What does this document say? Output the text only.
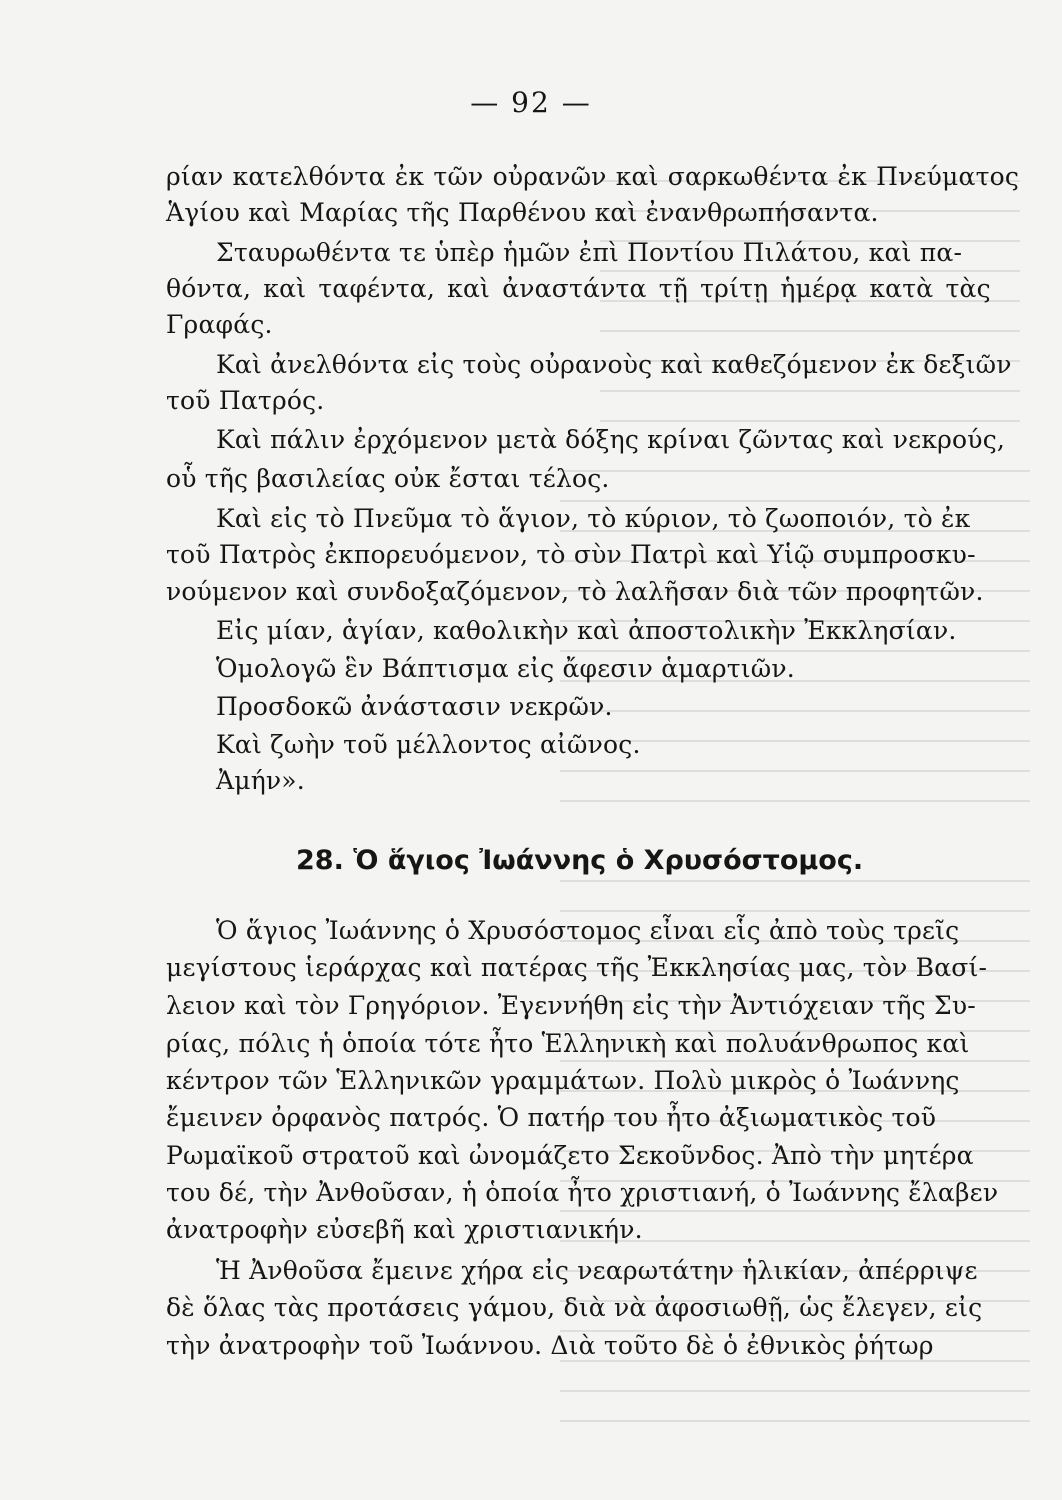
— 92 —
ρίαν κατελθόντα ἐκ τῶν οὐρανῶν καὶ σαρκωθέντα ἐκ Πνεύματος
Ἁγίου καὶ Μαρίας τῆς Παρθένου καὶ ἐνανθρωπήσαντα.
Σταυρωθέντα τε ὑπὲρ ἡμῶν ἐπὶ Ποντίου Πιλάτου, καὶ πα-
θόντα, καὶ ταφέντα, καὶ ἀναστάντα τῇ τρίτῃ ἡμέρᾳ κατὰ τὰς
Γραφάς.
Καὶ ἀνελθόντα εἰς τοὺς οὐρανοὺς καὶ καθεζόμενον ἐκ δεξιῶν
τοῦ Πατρός.
Καὶ πάλιν ἐρχόμενον μετὰ δόξης κρίναι ζῶντας καὶ νεκρούς,
οὗ τῆς βασιλείας οὐκ ἔσται τέλος.
Καὶ εἰς τὸ Πνεῦμα τὸ ἅγιον, τὸ κύριον, τὸ ζωοποιόν, τὸ ἐκ
τοῦ Πατρὸς ἐκπορευόμενον, τὸ σὺν Πατρὶ καὶ Υἱῷ συμπροσκυ-
νούμενον καὶ συνδοξαζόμενον, τὸ λαλῆσαν διὰ τῶν προφητῶν.
Εἰς μίαν, ἁγίαν, καθολικὴν καὶ ἀποστολικὴν Ἐκκλησίαν.
Ὁμολογῶ ἓν Βάπτισμα εἰς ἄφεσιν ἁμαρτιῶν.
Προσδοκῶ ἀνάστασιν νεκρῶν.
Καὶ ζωὴν τοῦ μέλλοντος αἰῶνος.
Ἀμήν».
28. Ὁ ἅγιος Ἰωάννης ὁ Χρυσόστομος.
Ὁ ἅγιος Ἰωάννης ὁ Χρυσόστομος εἶναι εἷς ἀπὸ τοὺς τρεῖς
μεγίστους ἱεράρχας καὶ πατέρας τῆς Ἐκκλησίας μας, τὸν Βασί-
λειον καὶ τὸν Γρηγόριον. Ἐγεννήθη εἰς τὴν Ἀντιόχειαν τῆς Συ-
ρίας, πόλις ἡ ὁποία τότε ἦτο Ἑλληνικὴ καὶ πολυάνθρωπος καὶ
κέντρον τῶν Ἑλληνικῶν γραμμάτων. Πολὺ μικρὸς ὁ Ἰωάννης
ἔμεινεν ὀρφανὸς πατρός. Ὁ πατήρ του ἦτο ἀξιωματικὸς τοῦ
Ρωμαϊκοῦ στρατοῦ καὶ ὠνομάζετο Σεκοῦνδος. Ἀπὸ τὴν μητέρα
του δέ, τὴν Ἀνθοῦσαν, ἡ ὁποία ἦτο χριστιανή, ὁ Ἰωάννης ἔλαβεν
ἀνατροφὴν εὐσεβῆ καὶ χριστιανικήν.
Ἡ Ἀνθοῦσα ἔμεινε χήρα εἰς νεαρωτάτην ἡλικίαν, ἀπέρριψε
δὲ ὅλας τὰς προτάσεις γάμου, διὰ νὰ ἀφοσιωθῇ, ὡς ἔλεγεν, εἰς
τὴν ἀνατροφὴν τοῦ Ἰωάννου. Διὰ τοῦτο δὲ ὁ ἐθνικὸς ῥήτωρ
